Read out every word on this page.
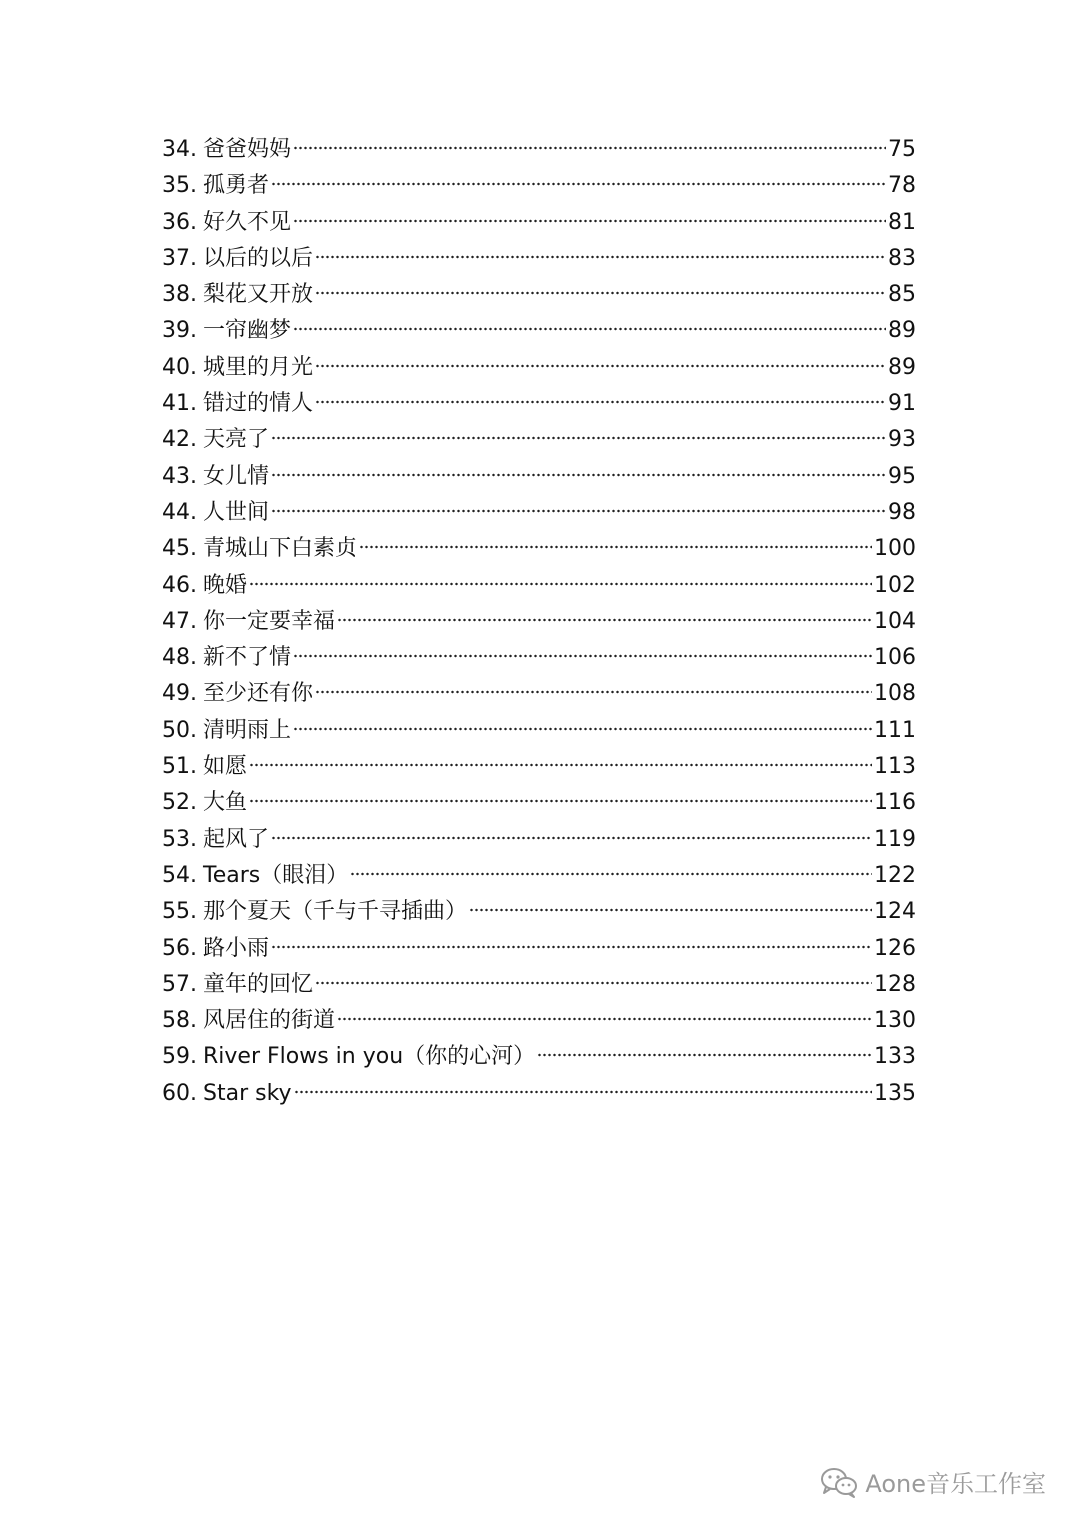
34. 爸爸妈妈	75
35. 孤勇者	78
36. 好久不见	81
37. 以后的以后	83
38. 梨花又开放	85
39. 一帘幽梦	89
40. 城里的月光	89
41. 错过的情人	91
42. 天亮了	93
43. 女儿情	95
44. 人世间	98
45. 青城山下白素贞	100
46. 晚婚	102
47. 你一定要幸福	104
48. 新不了情	106
49. 至少还有你	108
50. 清明雨上	111
51. 如愿	113
52. 大鱼	116
53. 起风了	119
54. Tears（眼泪）	122
55. 那个夏天（千与千寻插曲）	124
56. 路小雨	126
57. 童年的回忆	128
58. 风居住的街道	130
59. River Flows in you（你的心河）	133
60. Star sky	135
Aone音乐工作室
